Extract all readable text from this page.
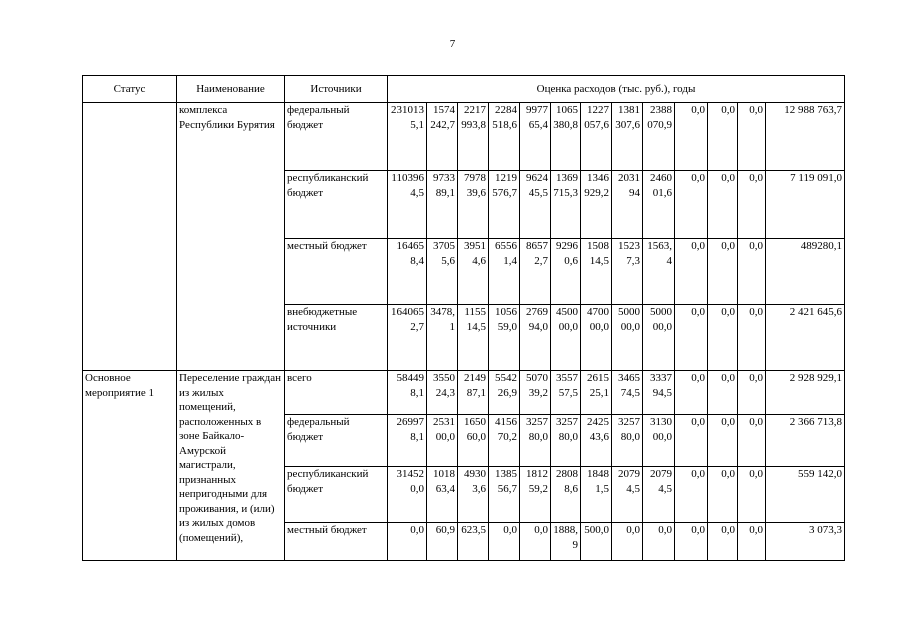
7
Статус	Наименование	Источники	Оценка расходов (тыс. руб.), годы												
	комплекса Республики Бурятия	федеральный бюджет	2310135,1	1574242,7	2217993,8	2284518,6	997765,4	1065380,8	1227057,6	1381307,6	2388070,9	0,0	0,0	0,0	12 988 763,7
		республиканский бюджет	1103964,5	973389,1	797839,6	1219576,7	962445,5	1369715,3	1346929,2	203194	246001,6	0,0	0,0	0,0	7 119 091,0
		местный бюджет	164658,4	37055,6	39514,6	65561,4	86572,7	92960,6	150814,5	15237,3	1563,4	0,0	0,0	0,0	489280,1
		внебюджетные источники	1640652,7	3478,1	115514,5	105659,0	276994,0	450000,0	470000,0	500000,0	500000,0	0,0	0,0	0,0	2 421 645,6
Основное мероприятие 1	Переселение граждан из жилых помещений, расположенных в зоне Байкало-Амурской магистрали, признанных непригодными для проживания, и (или) из жилых домов (помещений),	всего	584498,1	355024,3	214987,1	554226,9	507039,2	355757,5	261525,1	346574,5	333794,5	0,0	0,0	0,0	2 928 929,1
		федеральный бюджет	269978,1	253100,0	165060,0	415670,2	325780,0	325780,0	242543,6	325780,0	313000,0	0,0	0,0	0,0	2 366 713,8
		республиканский бюджет	314520,0	101863,4	49303,6	138556,7	181259,2	28088,6	18481,5	20794,5	20794,5	0,0	0,0	0,0	559 142,0
		местный бюджет	0,0	60,9	623,5	0,0	0,0	1888,9	500,0	0,0	0,0	0,0	0,0	0,0	3 073,3
